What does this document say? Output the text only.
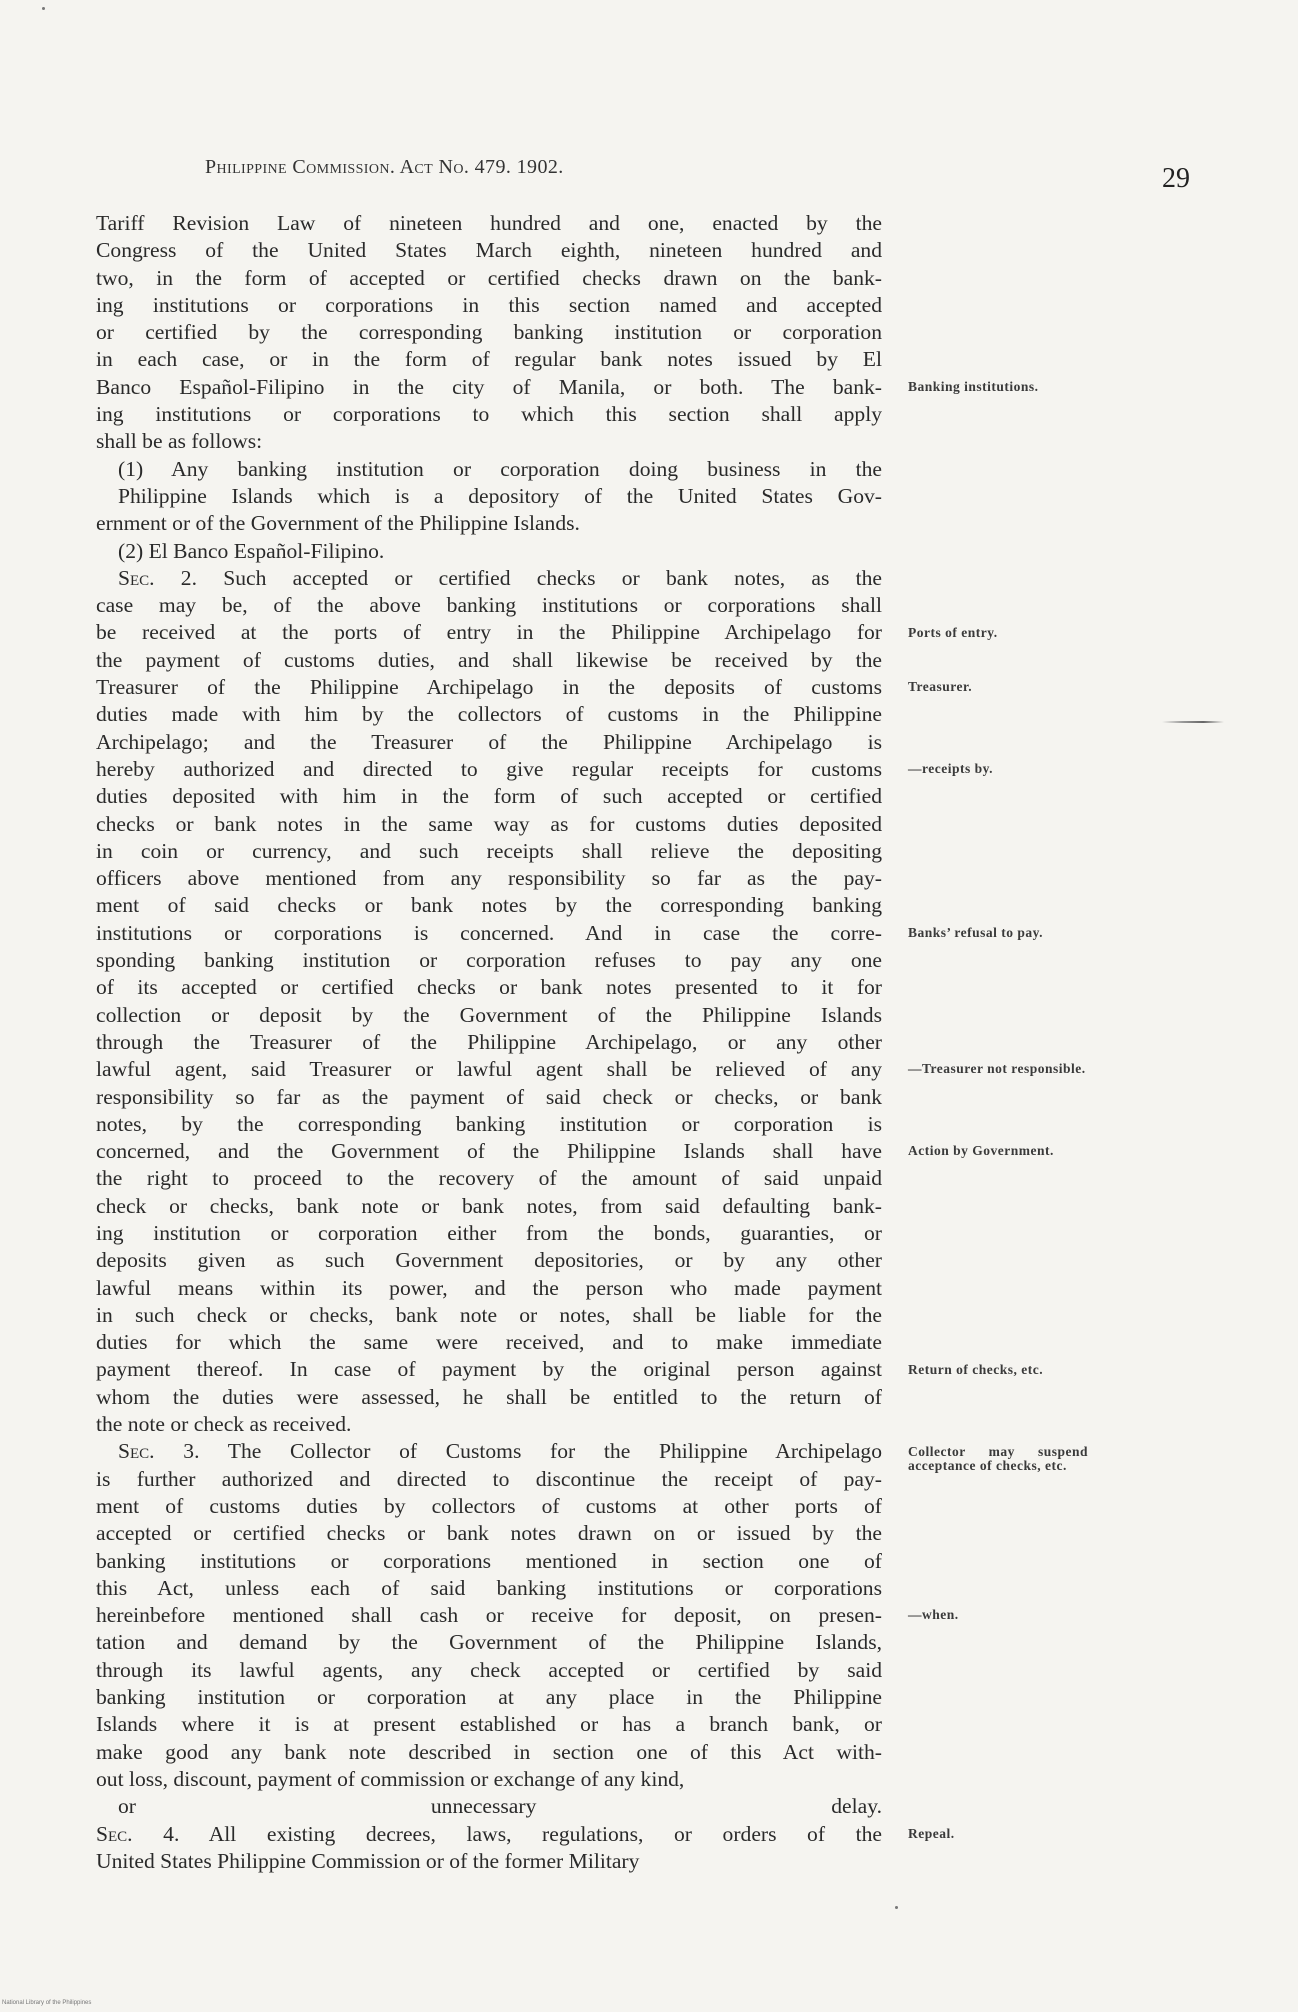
Philippine Commission. Act No. 479. 1902.	29
Tariff Revision Law of nineteen hundred and one, enacted by the
Congress of the United States March eighth, nineteen hundred and
two, in the form of accepted or certified checks drawn on the bank-
ing institutions or corporations in this section named and accepted
or certified by the corresponding banking institution or corporation
in each case, or in the form of regular bank notes issued by El
Banco Español-Filipino in the city of Manila, or both. The bank-
ing institutions or corporations to which this section shall apply
shall be as follows:
(1) Any banking institution or corporation doing business in the
Philippine Islands which is a depository of the United States Gov-
ernment or of the Government of the Philippine Islands.
(2) El Banco Español-Filipino.
Sec. 2. Such accepted or certified checks or bank notes, as the
case may be, of the above banking institutions or corporations shall
be received at the ports of entry in the Philippine Archipelago for
the payment of customs duties, and shall likewise be received by the
Treasurer of the Philippine Archipelago in the deposits of customs
duties made with him by the collectors of customs in the Philippine
Archipelago; and the Treasurer of the Philippine Archipelago is
hereby authorized and directed to give regular receipts for customs
duties deposited with him in the form of such accepted or certified
checks or bank notes in the same way as for customs duties deposited
in coin or currency, and such receipts shall relieve the depositing
officers above mentioned from any responsibility so far as the pay-
ment of said checks or bank notes by the corresponding banking
institutions or corporations is concerned. And in case the corre-
sponding banking institution or corporation refuses to pay any one
of its accepted or certified checks or bank notes presented to it for
collection or deposit by the Government of the Philippine Islands
through the Treasurer of the Philippine Archipelago, or any other
lawful agent, said Treasurer or lawful agent shall be relieved of any
responsibility so far as the payment of said check or checks, or bank
notes, by the corresponding banking institution or corporation is
concerned, and the Government of the Philippine Islands shall have
the right to proceed to the recovery of the amount of said unpaid
check or checks, bank note or bank notes, from said defaulting bank-
ing institution or corporation either from the bonds, guaranties, or
deposits given as such Government depositories, or by any other
lawful means within its power, and the person who made payment
in such check or checks, bank note or notes, shall be liable for the
duties for which the same were received, and to make immediate
payment thereof. In case of payment by the original person against
whom the duties were assessed, he shall be entitled to the return of
the note or check as received.
Sec. 3. The Collector of Customs for the Philippine Archipelago
is further authorized and directed to discontinue the receipt of pay-
ment of customs duties by collectors of customs at other ports of
accepted or certified checks or bank notes drawn on or issued by the
banking institutions or corporations mentioned in section one of
this Act, unless each of said banking institutions or corporations
hereinbefore mentioned shall cash or receive for deposit, on presen-
tation and demand by the Government of the Philippine Islands,
through its lawful agents, any check accepted or certified by said
banking institution or corporation at any place in the Philippine
Islands where it is at present established or has a branch bank, or
make good any bank note described in section one of this Act with-
out loss, discount, payment of commission or exchange of any kind,
or unnecessary delay.
Sec. 4. All existing decrees, laws, regulations, or orders of the
United States Philippine Commission or of the former Military
Banking institutions.
Ports of entry.
Treasurer.
—receipts by.
Banks’ refusal to pay.
—Treasurer not responsible.
Action by Government.
Return of checks, etc.
Collector may suspend acceptance of checks, etc.
—when.
Repeal.
National Library of the Philippines
